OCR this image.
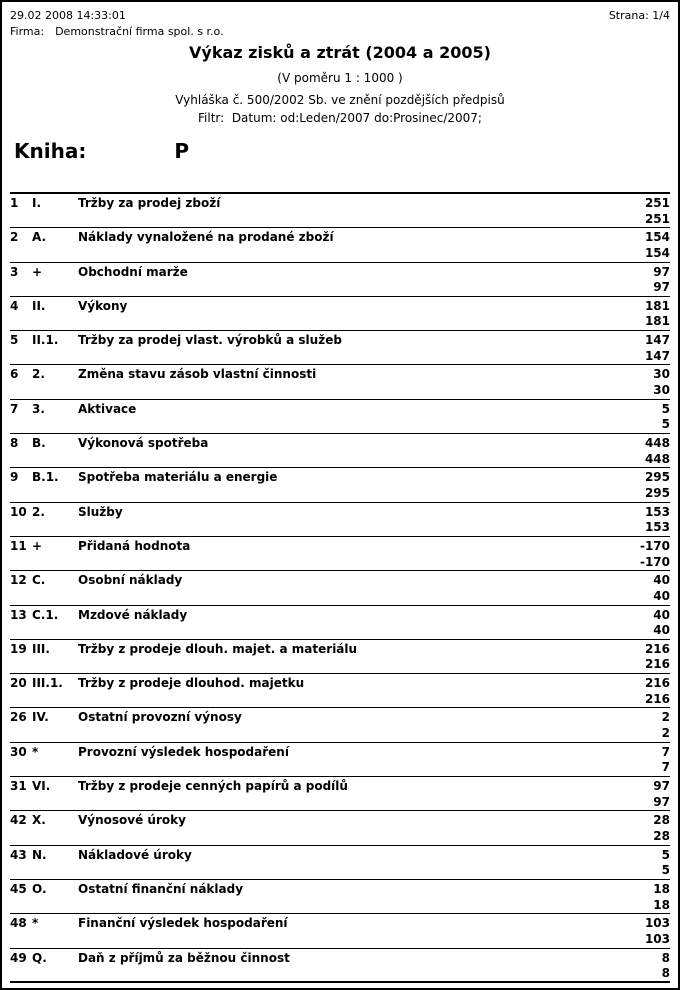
29.02 2008 14:33:01	Strana: 1/4
Firma: Demonstrační firma spol. s r.o.
Výkaz zisků a ztrát (2004 a 2005)
(V poměru 1 : 1000 )
Vyhláška č. 500/2002 Sb. ve znění pozdějších předpisů
Filtr:  Datum: od:Leden/2007 do:Prosinec/2007;
Kniha:	P
1	I.	Tržby za prodej zboží	251
251
2	A.	Náklady vynaložené na prodané zboží	154
154
3	+	Obchodní marže	97
97
4	II.	Výkony	181
181
5	II.1.	Tržby za prodej vlast. výrobků a služeb	147
147
6	2.	Změna stavu zásob vlastní činnosti	30
30
7	3.	Aktivace	5
5
8	B.	Výkonová spotřeba	448
448
9	B.1.	Spotřeba materiálu a energie	295
295
10 2.	Služby	153
153
11 +	Přidaná hodnota	-170
-170
12 C.	Osobní náklady	40
40
13 C.1.	Mzdové náklady	40
40
19 III.	Tržby z prodeje dlouh. majet. a materiálu	216
216
20 III.1.	Tržby z prodeje dlouhod. majetku	216
216
26 IV.	Ostatní provozní výnosy	2
2
30 *	Provozní výsledek hospodaření	7
7
31 VI.	Tržby z prodeje cenných papírů a podílů	97
97
42 X.	Výnosové úroky	28
28
43 N.	Nákladové úroky	5
5
45 O.	Ostatní finanční náklady	18
18
48 *	Finanční výsledek hospodaření	103
103
49 Q.	Daň z příjmů za běžnou činnost	8
8
